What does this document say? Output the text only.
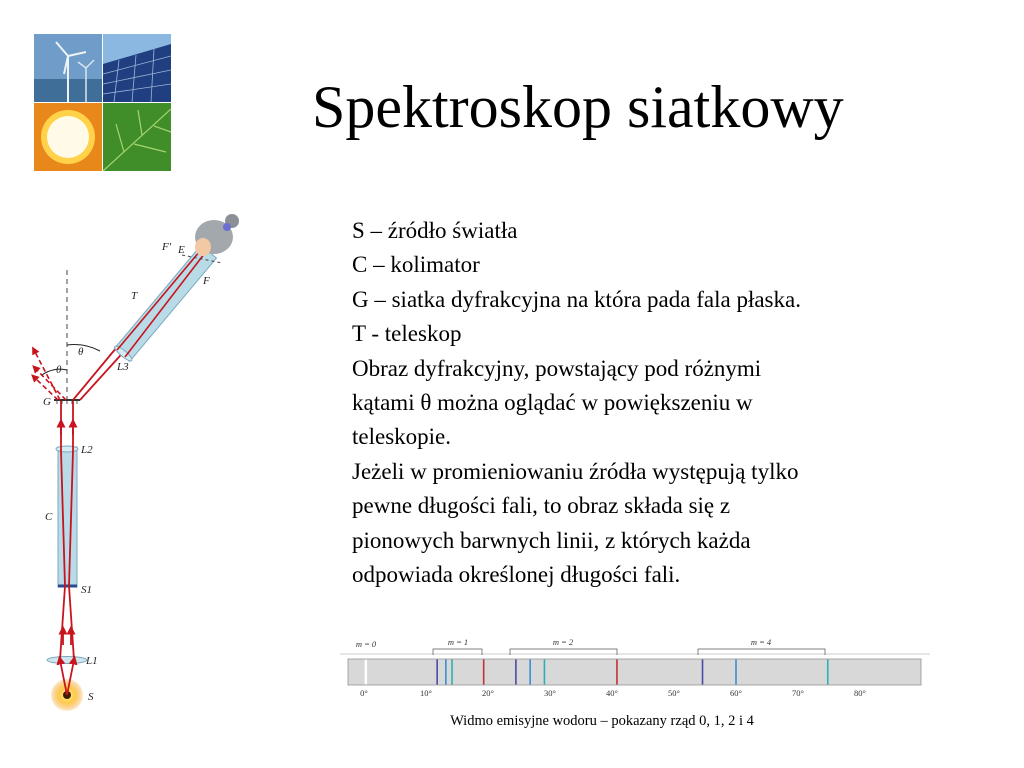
Spektroskop siatkowy
S – źródło światła
C – kolimator
G – siatka dyfrakcyjna na która pada fala płaska.
T - teleskop
Obraz dyfrakcyjny, powstający pod różnymi
kątami θ można oglądać w powiększeniu w
teleskopie.
Jeżeli w promieniowaniu źródła występują tylko
pewne długości fali, to obraz składa się z
pionowych barwnych linii, z których każda
odpowiada określonej długości fali.
F′ E
F
T
θ
θ	L3
G
L2
C
S1
L1
S
m = 0	m = 1	m = 2	m = 4
0°	10°	20°	30°	40°	50°	60°	70°	80°
Widmo emisyjne wodoru – pokazany rząd 0, 1, 2 i 4
